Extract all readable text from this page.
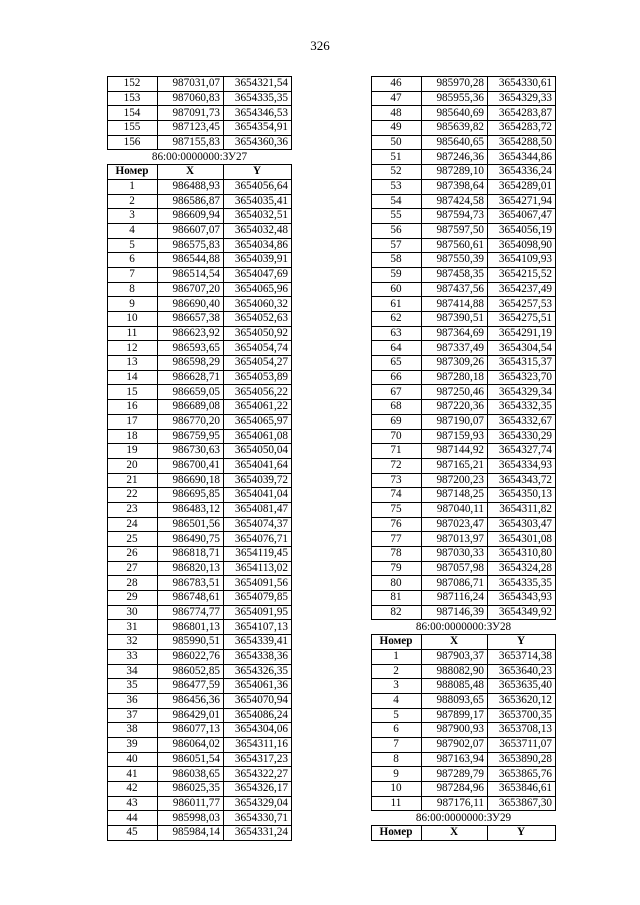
326
152	987031,07	3654321,54
153	987060,83	3654335,35
154	987091,73	3654346,53
155	987123,45	3654354,91
156	987155,83	3654360,36
86:00:0000000:ЗУ27		
Номер	X	Y
1	986488,93	3654056,64
2	986586,87	3654035,41
3	986609,94	3654032,51
4	986607,07	3654032,48
5	986575,83	3654034,86
6	986544,88	3654039,91
7	986514,54	3654047,69
8	986707,20	3654065,96
9	986690,40	3654060,32
10	986657,38	3654052,63
11	986623,92	3654050,92
12	986593,65	3654054,74
13	986598,29	3654054,27
14	986628,71	3654053,89
15	986659,05	3654056,22
16	986689,08	3654061,22
17	986770,20	3654065,97
18	986759,95	3654061,08
19	986730,63	3654050,04
20	986700,41	3654041,64
21	986690,18	3654039,72
22	986695,85	3654041,04
23	986483,12	3654081,47
24	986501,56	3654074,37
25	986490,75	3654076,71
26	986818,71	3654119,45
27	986820,13	3654113,02
28	986783,51	3654091,56
29	986748,61	3654079,85
30	986774,77	3654091,95
31	986801,13	3654107,13
32	985990,51	3654339,41
33	986022,76	3654338,36
34	986052,85	3654326,35
35	986477,59	3654061,36
36	986456,36	3654070,94
37	986429,01	3654086,24
38	986077,13	3654304,06
39	986064,02	3654311,16
40	986051,54	3654317,23
41	986038,65	3654322,27
42	986025,35	3654326,17
43	986011,77	3654329,04
44	985998,03	3654330,71
45	985984,14	3654331,24
46	985970,28	3654330,61
47	985955,36	3654329,33
48	985640,69	3654283,87
49	985639,82	3654283,72
50	985640,65	3654288,50
51	987246,36	3654344,86
52	987289,10	3654336,24
53	987398,64	3654289,01
54	987424,58	3654271,94
55	987594,73	3654067,47
56	987597,50	3654056,19
57	987560,61	3654098,90
58	987550,39	3654109,93
59	987458,35	3654215,52
60	987437,56	3654237,49
61	987414,88	3654257,53
62	987390,51	3654275,51
63	987364,69	3654291,19
64	987337,49	3654304,54
65	987309,26	3654315,37
66	987280,18	3654323,70
67	987250,46	3654329,34
68	987220,36	3654332,35
69	987190,07	3654332,67
70	987159,93	3654330,29
71	987144,92	3654327,74
72	987165,21	3654334,93
73	987200,23	3654343,72
74	987148,25	3654350,13
75	987040,11	3654311,82
76	987023,47	3654303,47
77	987013,97	3654301,08
78	987030,33	3654310,80
79	987057,98	3654324,28
80	987086,71	3654335,35
81	987116,24	3654343,93
82	987146,39	3654349,92
86:00:0000000:ЗУ28		
Номер	X	Y
1	987903,37	3653714,38
2	988082,90	3653640,23
3	988085,48	3653635,40
4	988093,65	3653620,12
5	987899,17	3653700,35
6	987900,93	3653708,13
7	987902,07	3653711,07
8	987163,94	3653890,28
9	987289,79	3653865,76
10	987284,96	3653846,61
11	987176,11	3653867,30
86:00:0000000:ЗУ29		
Номер	X	Y
